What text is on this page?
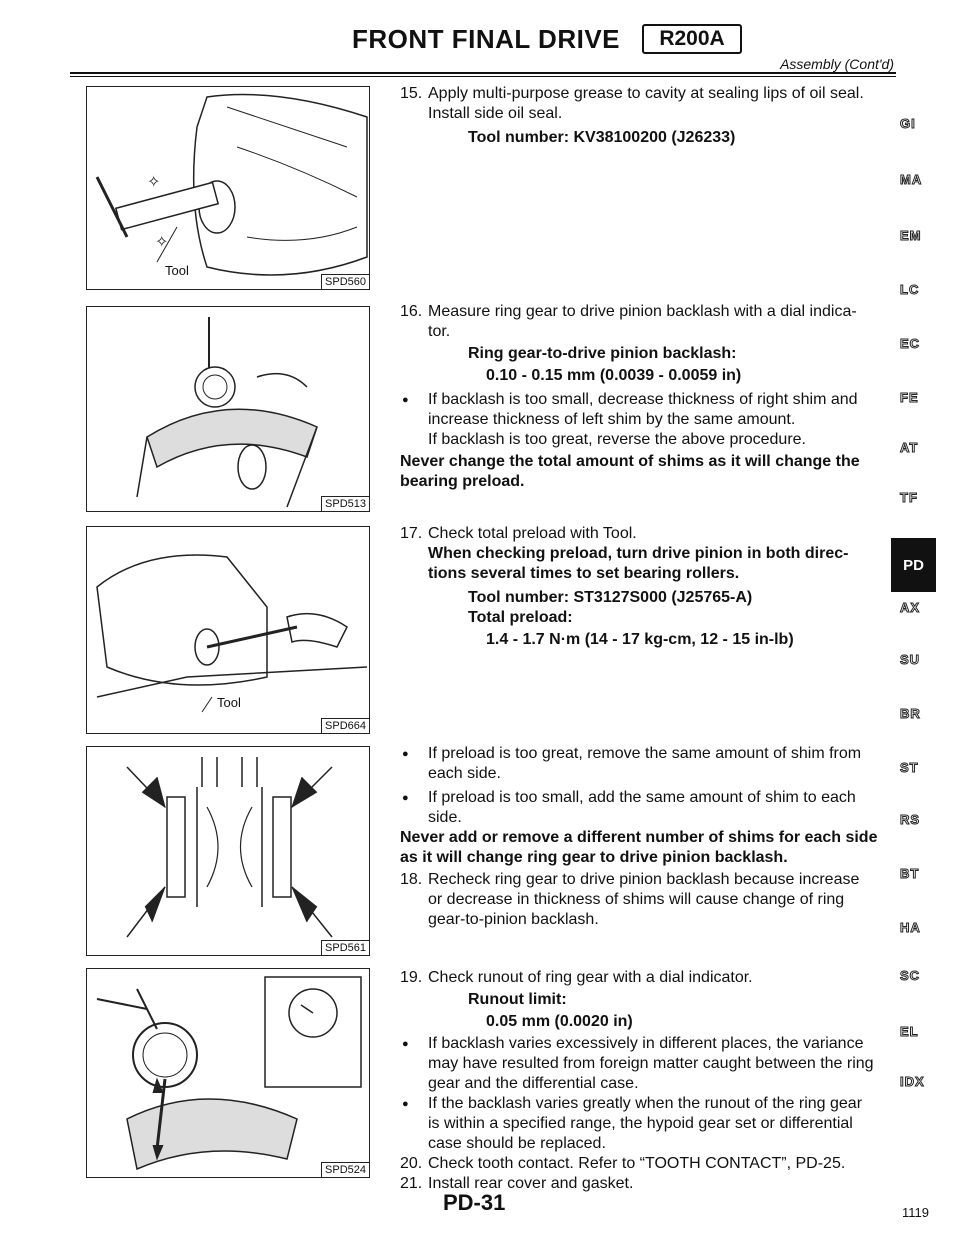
FRONT FINAL DRIVE	R200A
Assembly (Cont'd)
✧
✧
Tool
SPD560
SPD513
Tool
SPD664
SPD561
SPD524

15. Apply multi-purpose grease to cavity at sealing lips of oil seal.

Install side oil seal.

Tool number: KV38100200 (J26233)

16. Measure ring gear to drive pinion backlash with a dial indica-

tor.

Ring gear-to-drive pinion backlash:

0.10 - 0.15 mm (0.0039 - 0.0059 in)

● If backlash is too small, decrease thickness of right shim and

increase thickness of left shim by the same amount.

If backlash is too great, reverse the above procedure.

Never change the total amount of shims as it will change the

bearing preload.

17. Check total preload with Tool.

When checking preload, turn drive pinion in both direc-

tions several times to set bearing rollers.

Tool number: ST3127S000 (J25765-A)

Total preload:

1.4 - 1.7 N·m (14 - 17 kg-cm, 12 - 15 in-lb)

● If preload is too great, remove the same amount of shim from

each side.

● If preload is too small, add the same amount of shim to each

side.

Never add or remove a different number of shims for each side

as it will change ring gear to drive pinion backlash.

18. Recheck ring gear to drive pinion backlash because increase

or decrease in thickness of shims will cause change of ring

gear-to-pinion backlash.

19. Check runout of ring gear with a dial indicator.

Runout limit:

0.05 mm (0.0020 in)

● If backlash varies excessively in different places, the variance

may have resulted from foreign matter caught between the ring

gear and the differential case.

● If the backlash varies greatly when the runout of the ring gear

is within a specified range, the hypoid gear set or differential

case should be replaced.

20. Check tooth contact. Refer to “TOOTH CONTACT”, PD-25.

21. Install rear cover and gasket.

GI
MA
EM
LC
EC
FE
AT
TF
PD
AX
SU
BR
ST
RS
BT
HA
SC
EL
IDX
PD-31	1119
